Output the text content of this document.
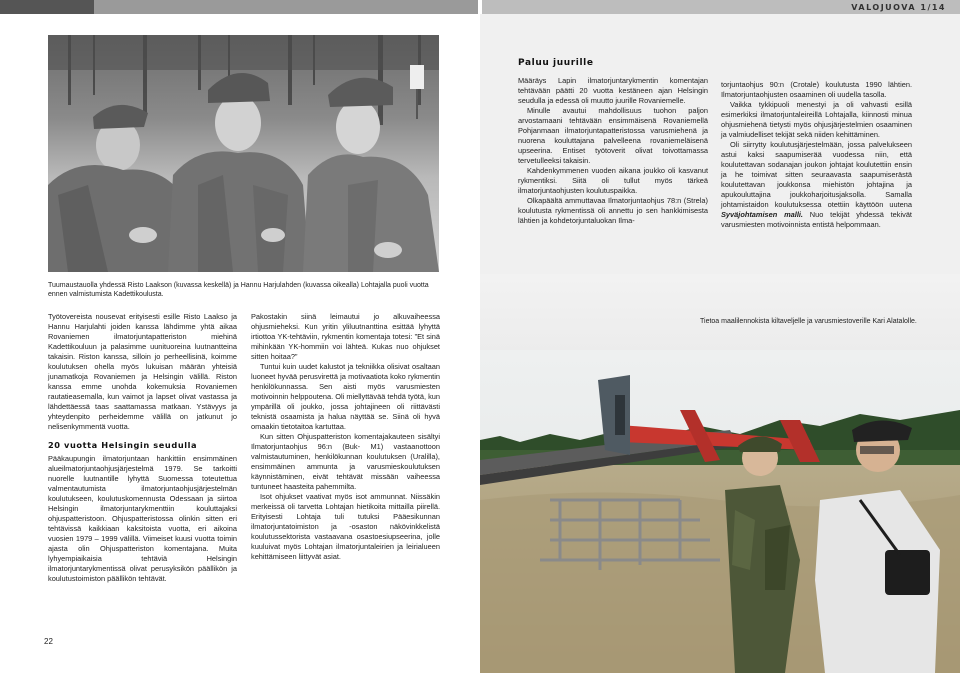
VALOJUOVA 1/14
Tuumaustauolla yhdessä Risto Laakson (kuvassa keskellä) ja Hannu Harjulahden (kuvassa oikealla) Lohtajalla puoli vuotta ennen valmistumista Kadettikoulusta.

Työtovereista nousevat erityisesti esille Risto Laakso ja Hannu Harjulahti joiden kanssa lähdimme yhtä aikaa Rovaniemen ilmatorjuntapatteriston miehinä Kadettikouluun ja palasimme uunituoreina luutnantteina takaisin. Riston kanssa, silloin jo perheellisinä, koimme koulutuksen ohella myös lukuisan määrän yhteisiä junamatkoja Rovaniemen ja Helsingin välillä. Riston kanssa emme unohda kokemuksia Rovaniemen rautatieasemalla, kun vaimot ja lapset olivat vastassa ja lähdettäessä taas saattamassa matkaan. Ystävyys ja yhteydenpito perheidemme välillä on jatkunut jo nelisenkymmentä vuotta.

20 vuotta Helsingin seudulla

Pääkaupungin ilmatorjuntaan hankittiin ensimmäinen alueilmatorjuntaohjusjärjestelmä 1979. Se tarkoitti nuorelle luutnantille lyhyttä Suomessa toteutettua valmentautumista ilmatorjuntaohjusjärjestelmän koulutukseen, koulutuskomennusta Odessaan ja siirtoa Helsingin ilmatorjuntarykmenttiin kouluttajaksi ohjuspatteristoon. Ohjuspatteristossa olinkin sitten eri tehtävissä kaikkiaan kaksitoista vuotta, eri aikoina vuosien 1979 – 1999 välillä. Viimeiset kuusi vuotta toimin ajasta olin Ohjuspatteriston komentajana. Muita lyhyempiaikaisia tehtäviä Helsingin ilmatorjuntarykmentissä olivat perusyksikön päällikön ja koulutustoimiston päällikön tehtävät.

Pakostakin siinä leimautui jo alkuvaiheessa ohjusmieheksi. Kun yritin yliluutnanttina esittää lyhyttä irtiottoa YK-tehtäviin, rykmentin komentaja totesi: ”Et sinä mihinkään YK-hommiin voi lähteä. Kukas nuo ohjukset sitten hoitaa?”

Tuntui kuin uudet kalustot ja tekniikka olisivat osaltaan luoneet hyvää perusvirettä ja motivaatiota koko rykmentin henkilökunnassa. Sen aisti myös varusmiesten motivoinnin helppoutena. Oli miellyttävää tehdä työtä, kun ympärillä oli joukko, jossa johtajineen oli riittävästi teknistä osaamista ja halua näyttää se. Siinä oli hyvä omaakin tietotaitoa kartuttaa.

Kun sitten Ohjuspatteriston komentajakauteen sisältyi Ilmatorjuntaohjus 96:n (Buk- M1) vastaanottoon valmistautuminen, henkilökunnan koulutuksen (Uralilla), ensimmäinen ammunta ja varusmieskoulutuksen käynnistäminen, eivät tehtävät missään vaiheessa tuntuneet haasteita pahemmilta.

Isot ohjukset vaativat myös isot ammunnat. Niissäkin merkeissä oli tarvetta Lohtajan hietikoita mittailla piirellä. Erityisesti Lohtaja tuli tutuksi Pääesikunnan ilmatorjuntatoimiston ja -osaston näkövinkkelistä koulutussektorista vastaavana osastoesiupseerina, jolle kuuluivat myös Lohtajan ilmatorjuntaleirien ja leirialueen kehittämiseen liittyvät asiat.

22
Paluu juurille

Määräys Lapin ilmatorjuntarykmentin komentajan tehtävään päätti 20 vuotta kestäneen ajan Helsingin seudulla ja edessä oli muutto juurille Rovaniemelle.

Minulle avautui mahdollisuus tuohon paljon arvostamaani tehtävään ensimmäisenä Rovaniemellä Pohjanmaan ilmatorjuntapatteristossa varusmiehenä ja nuorena kouluttajana palvelleena rovaniemeläisenä upseerina. Entiset työtoverit olivat toivottamassa tervetulleeksi takaisin.

Kahdenkymmenen vuoden aikana joukko oli kasvanut rykmentiksi. Siitä oli tullut myös tärkeä ilmatorjuntaohjusten koulutuspaikka.

Olkapäältä ammuttavaa Ilmatorjuntaohjus 78:n (Strela) koulutusta rykmentissä oli annettu jo sen hankkimisesta lähtien ja kohdetorjuntaluokan Ilma-

torjuntaohjus 90:n (Crotale) koulutusta 1990 lähtien. Ilmatorjuntaohjusten osaaminen oli uudella tasolla.

Vaikka tykkipuoli menestyi ja oli vahvasti esillä esimerkiksi ilmatorjuntaleireillä Lohtajalla, kiinnosti minua ohjusmiehenä tietysti myös ohjusjärjestelmien osaaminen ja valmiudelliset tekijät sekä niiden kehittäminen.

Oli siirrytty koulutusjärjestelmään, jossa palvelukseen astui kaksi saapumiserää vuodessa niin, että koulutettavan sodanajan joukon johtajat koulutettiin ensin ja he toimivat sitten seuraavasta saapumiserästä koulutettavan joukkonsa miehistön johtajina ja apukouluttajina joukkoharjoitusjaksolla. Samalla johtamistaidon koulutuksessa otettiin käyttöön uutena Syväjohtamisen malli. Nuo tekijät yhdessä tekivät varusmiesten motivoinnista entistä helpommaan.

Tietoa maalilennokista kiltaveljelle ja varusmiestoverille Kari Alatalolle.
